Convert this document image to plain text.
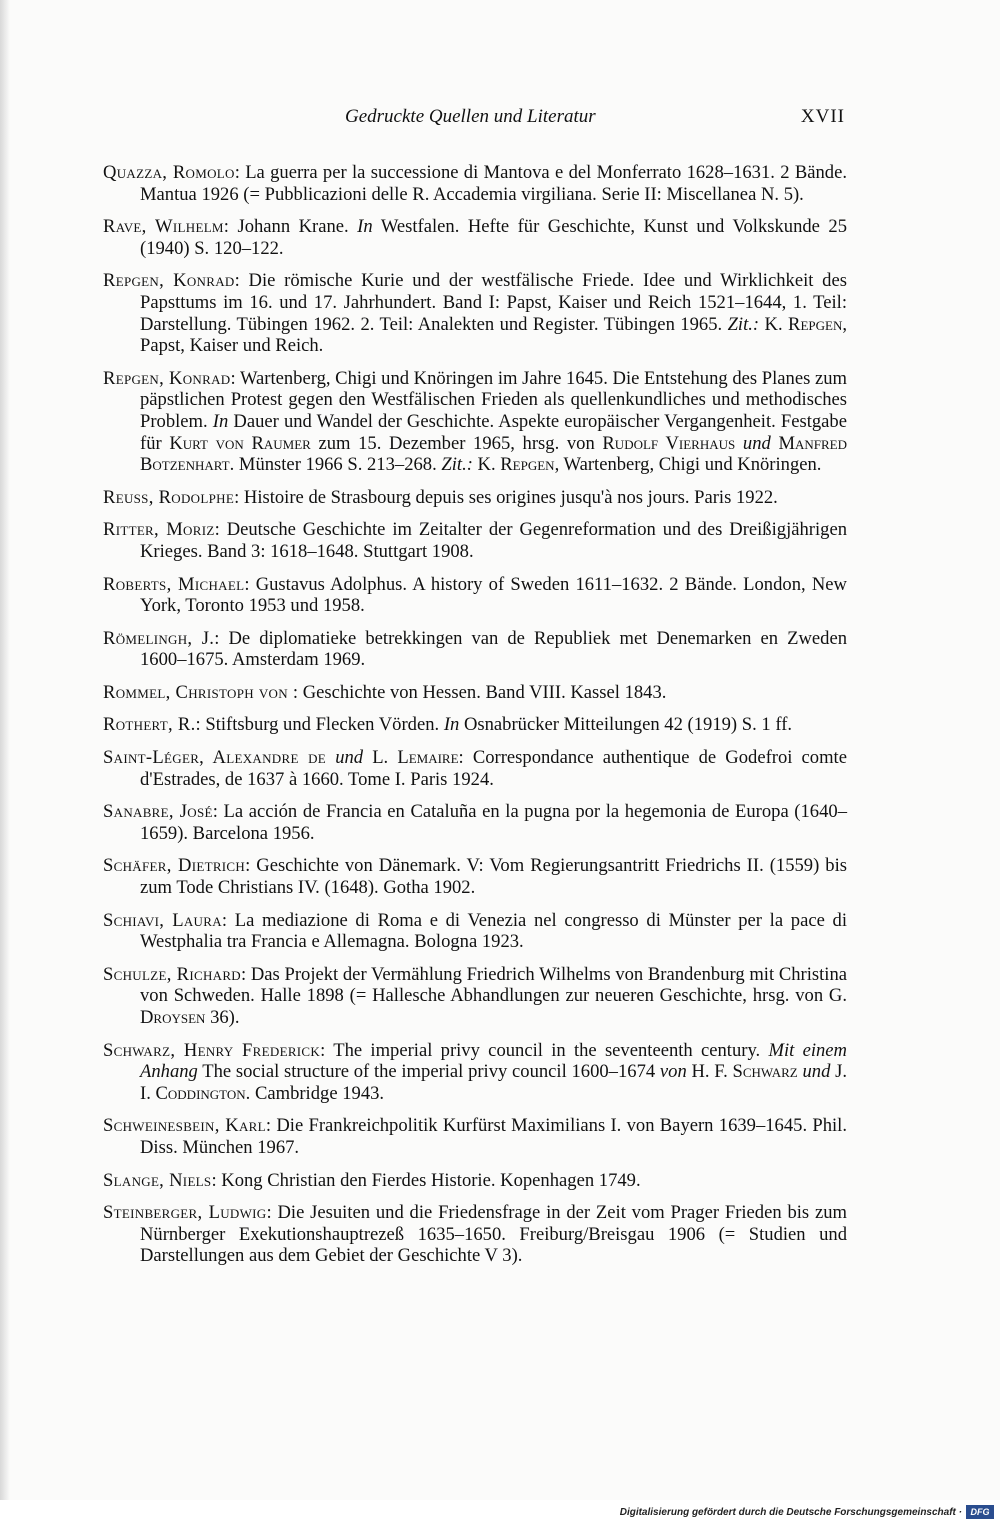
Gedruckte Quellen und Literatur	XVII
Quazza, Romolo: La guerra per la successione di Mantova e del Monferrato 1628–1631. 2 Bände. Mantua 1926 (= Pubblicazioni delle R. Accademia virgiliana. Serie II: Miscellanea N. 5).
Rave, Wilhelm: Johann Krane. In Westfalen. Hefte für Geschichte, Kunst und Volkskunde 25 (1940) S. 120–122.
Repgen, Konrad: Die römische Kurie und der westfälische Friede. Idee und Wirklichkeit des Papsttums im 16. und 17. Jahrhundert. Band I: Papst, Kaiser und Reich 1521–1644, 1. Teil: Darstellung. Tübingen 1962. 2. Teil: Analekten und Register. Tübingen 1965. Zit.: K. Repgen, Papst, Kaiser und Reich.
Repgen, Konrad: Wartenberg, Chigi und Knöringen im Jahre 1645. Die Entstehung des Planes zum päpstlichen Protest gegen den Westfälischen Frieden als quellenkundliches und methodisches Problem. In Dauer und Wandel der Geschichte. Aspekte europäischer Vergangenheit. Festgabe für Kurt von Raumer zum 15. Dezember 1965, hrsg. von Rudolf Vierhaus und Manfred Botzenhart. Münster 1966 S. 213–268. Zit.: K. Repgen, Wartenberg, Chigi und Knöringen.
Reuss, Rodolphe: Histoire de Strasbourg depuis ses origines jusqu'à nos jours. Paris 1922.
Ritter, Moriz: Deutsche Geschichte im Zeitalter der Gegenreformation und des Dreißigjährigen Krieges. Band 3: 1618–1648. Stuttgart 1908.
Roberts, Michael: Gustavus Adolphus. A history of Sweden 1611–1632. 2 Bände. London, New York, Toronto 1953 und 1958.
Römelingh, J.: De diplomatieke betrekkingen van de Republiek met Denemarken en Zweden 1600–1675. Amsterdam 1969.
Rommel, Christoph von : Geschichte von Hessen. Band VIII. Kassel 1843.
Rothert, R.: Stiftsburg und Flecken Vörden. In Osnabrücker Mitteilungen 42 (1919) S. 1 ff.
Saint-Léger, Alexandre de und L. Lemaire: Correspondance authentique de Godefroi comte d'Estrades, de 1637 à 1660. Tome I. Paris 1924.
Sanabre, José: La acción de Francia en Cataluña en la pugna por la hegemonia de Europa (1640–1659). Barcelona 1956.
Schäfer, Dietrich: Geschichte von Dänemark. V: Vom Regierungsantritt Friedrichs II. (1559) bis zum Tode Christians IV. (1648). Gotha 1902.
Schiavi, Laura: La mediazione di Roma e di Venezia nel congresso di Münster per la pace di Westphalia tra Francia e Allemagna. Bologna 1923.
Schulze, Richard: Das Projekt der Vermählung Friedrich Wilhelms von Brandenburg mit Christina von Schweden. Halle 1898 (= Hallesche Abhandlungen zur neueren Geschichte, hrsg. von G. Droysen 36).
Schwarz, Henry Frederick: The imperial privy council in the seventeenth century. Mit einem Anhang The social structure of the imperial privy council 1600–1674 von H. F. Schwarz und J. I. Coddington. Cambridge 1943.
Schweinesbein, Karl: Die Frankreichpolitik Kurfürst Maximilians I. von Bayern 1639–1645. Phil. Diss. München 1967.
Slange, Niels: Kong Christian den Fierdes Historie. Kopenhagen 1749.
Steinberger, Ludwig: Die Jesuiten und die Friedensfrage in der Zeit vom Prager Frieden bis zum Nürnberger Exekutionshauptrezeß 1635–1650. Freiburg/Breisgau 1906 (= Studien und Darstellungen aus dem Gebiet der Geschichte V 3).
Digitalisierung gefördert durch die Deutsche Forschungsgemeinschaft · DFG
